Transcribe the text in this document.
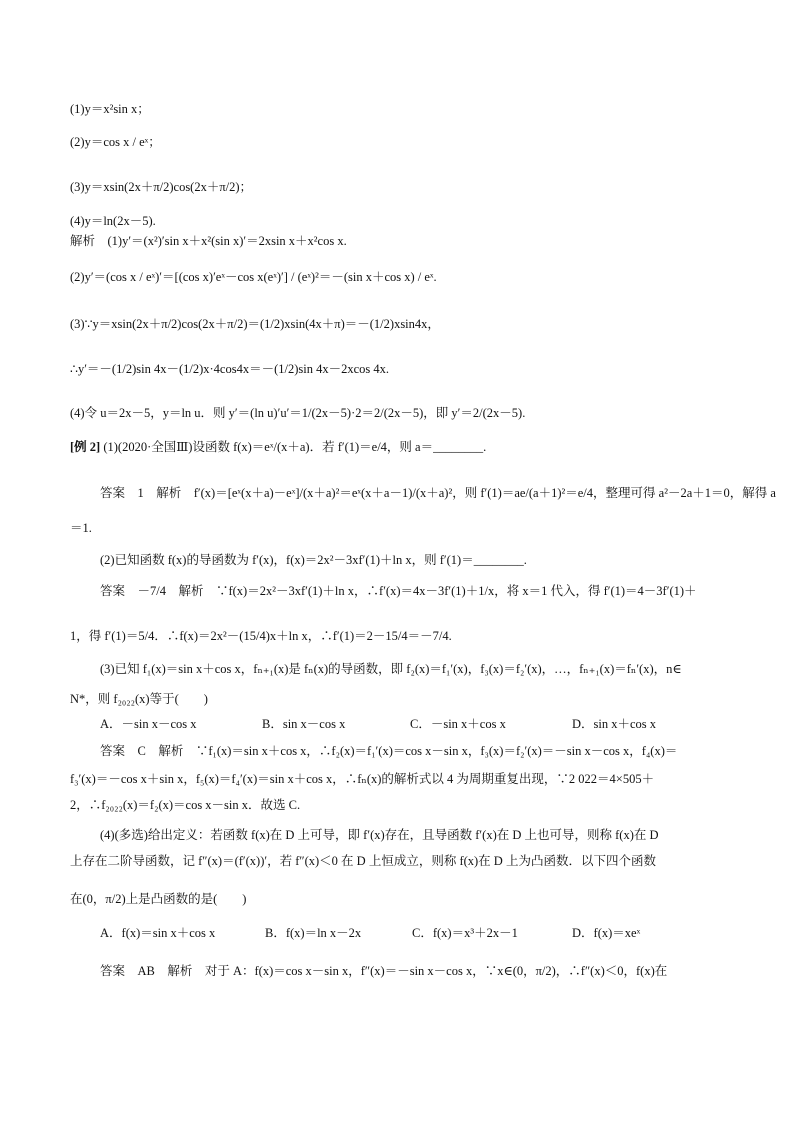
(1)y＝x²sin x；
(2)y＝cos x / eˣ；
(3)y＝xsin(2x＋π/2)cos(2x＋π/2)；
(4)y＝ln(2x－5).
解析　(1)y′＝(x²)′sin x＋x²(sin x)′＝2xsin x＋x²cos x.
(2)y′＝(cos x / eˣ)′＝[(cos x)′eˣ－cos x(eˣ)′] / (eˣ)²＝－(sin x＋cos x) / eˣ.
(3)∵y＝xsin(2x＋π/2)cos(2x＋π/2)＝(1/2)xsin(4x＋π)＝－(1/2)xsin4x，
∴y′＝－(1/2)sin 4x－(1/2)x·4cos4x＝－(1/2)sin 4x－2xcos 4x.
(4)令 u＝2x－5，y＝ln u．则 y′＝(ln u)′u′＝1/(2x－5)·2＝2/(2x－5)，即 y′＝2/(2x－5).
[例 2] (1)(2020·全国Ⅲ)设函数 f(x)＝eˣ/(x＋a)．若 f′(1)＝e/4，则 a＝________.
答案　1　解析　f′(x)＝[eˣ(x＋a)－eˣ]/(x＋a)²＝eˣ(x＋a－1)/(x＋a)²，则 f′(1)＝ae/(a＋1)²＝e/4，整理可得 a²－2a＋1＝0，解得 a
＝1.
(2)已知函数 f(x)的导函数为 f′(x)，f(x)＝2x²－3xf′(1)＋ln x，则 f′(1)＝________.
答案　－7/4　解析　∵f(x)＝2x²－3xf′(1)＋ln x，∴f′(x)＝4x－3f′(1)＋1/x，将 x＝1 代入，得 f′(1)＝4－3f′(1)＋
1，得 f′(1)＝5/4．∴f(x)＝2x²－(15/4)x＋ln x，∴f′(1)＝2－15/4＝－7/4.
(3)已知 f₁(x)＝sin x＋cos x，fₙ₊₁(x)是 fₙ(x)的导函数，即 f₂(x)＝f₁′(x)，f₃(x)＝f₂′(x)，…，fₙ₊₁(x)＝fₙ′(x)，n∈
N*，则 f₂₀₂₂(x)等于(　　)
A．－sin x－cos x	B．sin x－cos x	C．－sin x＋cos x	D．sin x＋cos x
答案　C　解析　∵f₁(x)＝sin x＋cos x，∴f₂(x)＝f₁′(x)＝cos x－sin x，f₃(x)＝f₂′(x)＝－sin x－cos x，f₄(x)＝
f₃′(x)＝－cos x＋sin x，f₅(x)＝f₄′(x)＝sin x＋cos x，∴fₙ(x)的解析式以 4 为周期重复出现，∵2 022＝4×505＋
2，∴f₂₀₂₂(x)＝f₂(x)＝cos x－sin x．故选 C.
(4)(多选)给出定义：若函数 f(x)在 D 上可导，即 f′(x)存在，且导函数 f′(x)在 D 上也可导，则称 f(x)在 D
上存在二阶导函数，记 f″(x)＝(f′(x))′，若 f″(x)＜0 在 D 上恒成立，则称 f(x)在 D 上为凸函数．以下四个函数
在(0，π/2)上是凸函数的是(　　)
A．f(x)＝sin x＋cos x	B．f(x)＝ln x－2x	C．f(x)＝x³＋2x－1	D．f(x)＝xeˣ
答案　AB　解析　对于 A：f(x)＝cos x－sin x，f″(x)＝－sin x－cos x，∵x∈(0，π/2)，∴f″(x)＜0，f(x)在
